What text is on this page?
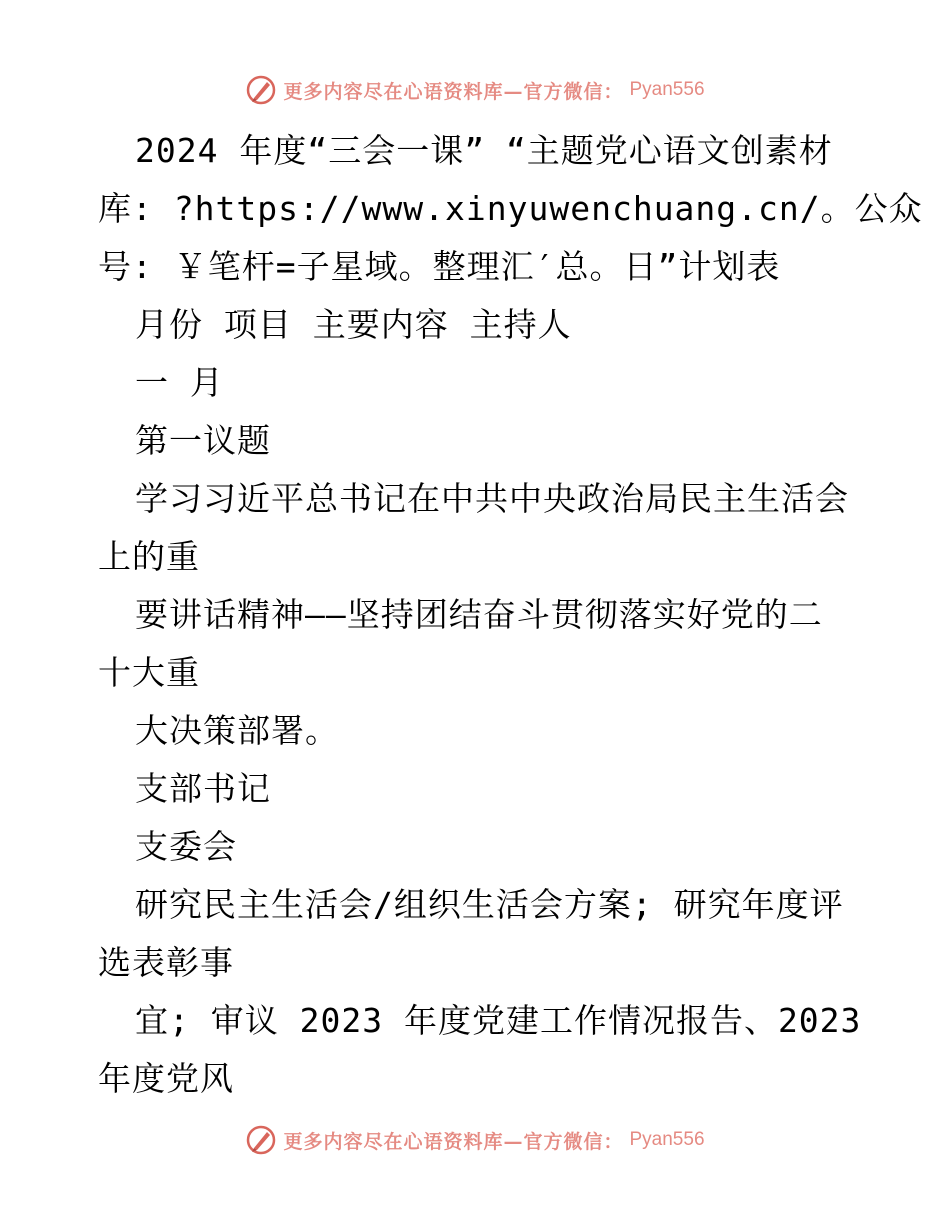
更多内容尽在心语资料库—官方微信： Pyan556
2024 年度“三会一课” “主题党心语文创素材
库: ?https://www.xinyuwenchuang.cn/。公众
号: ￥笔杆=子星域。整理汇′总。日”计划表
月份 项目 主要内容 主持人
一 月
第一议题
学习习近平总书记在中共中央政治局民主生活会
上的重
要讲话精神——坚持团结奋斗贯彻落实好党的二
十大重
大决策部署。
支部书记
支委会
研究民主生活会/组织生活会方案; 研究年度评
选表彰事
宜; 审议 2023 年度党建工作情况报告、2023
年度党风
更多内容尽在心语资料库—官方微信： Pyan556
